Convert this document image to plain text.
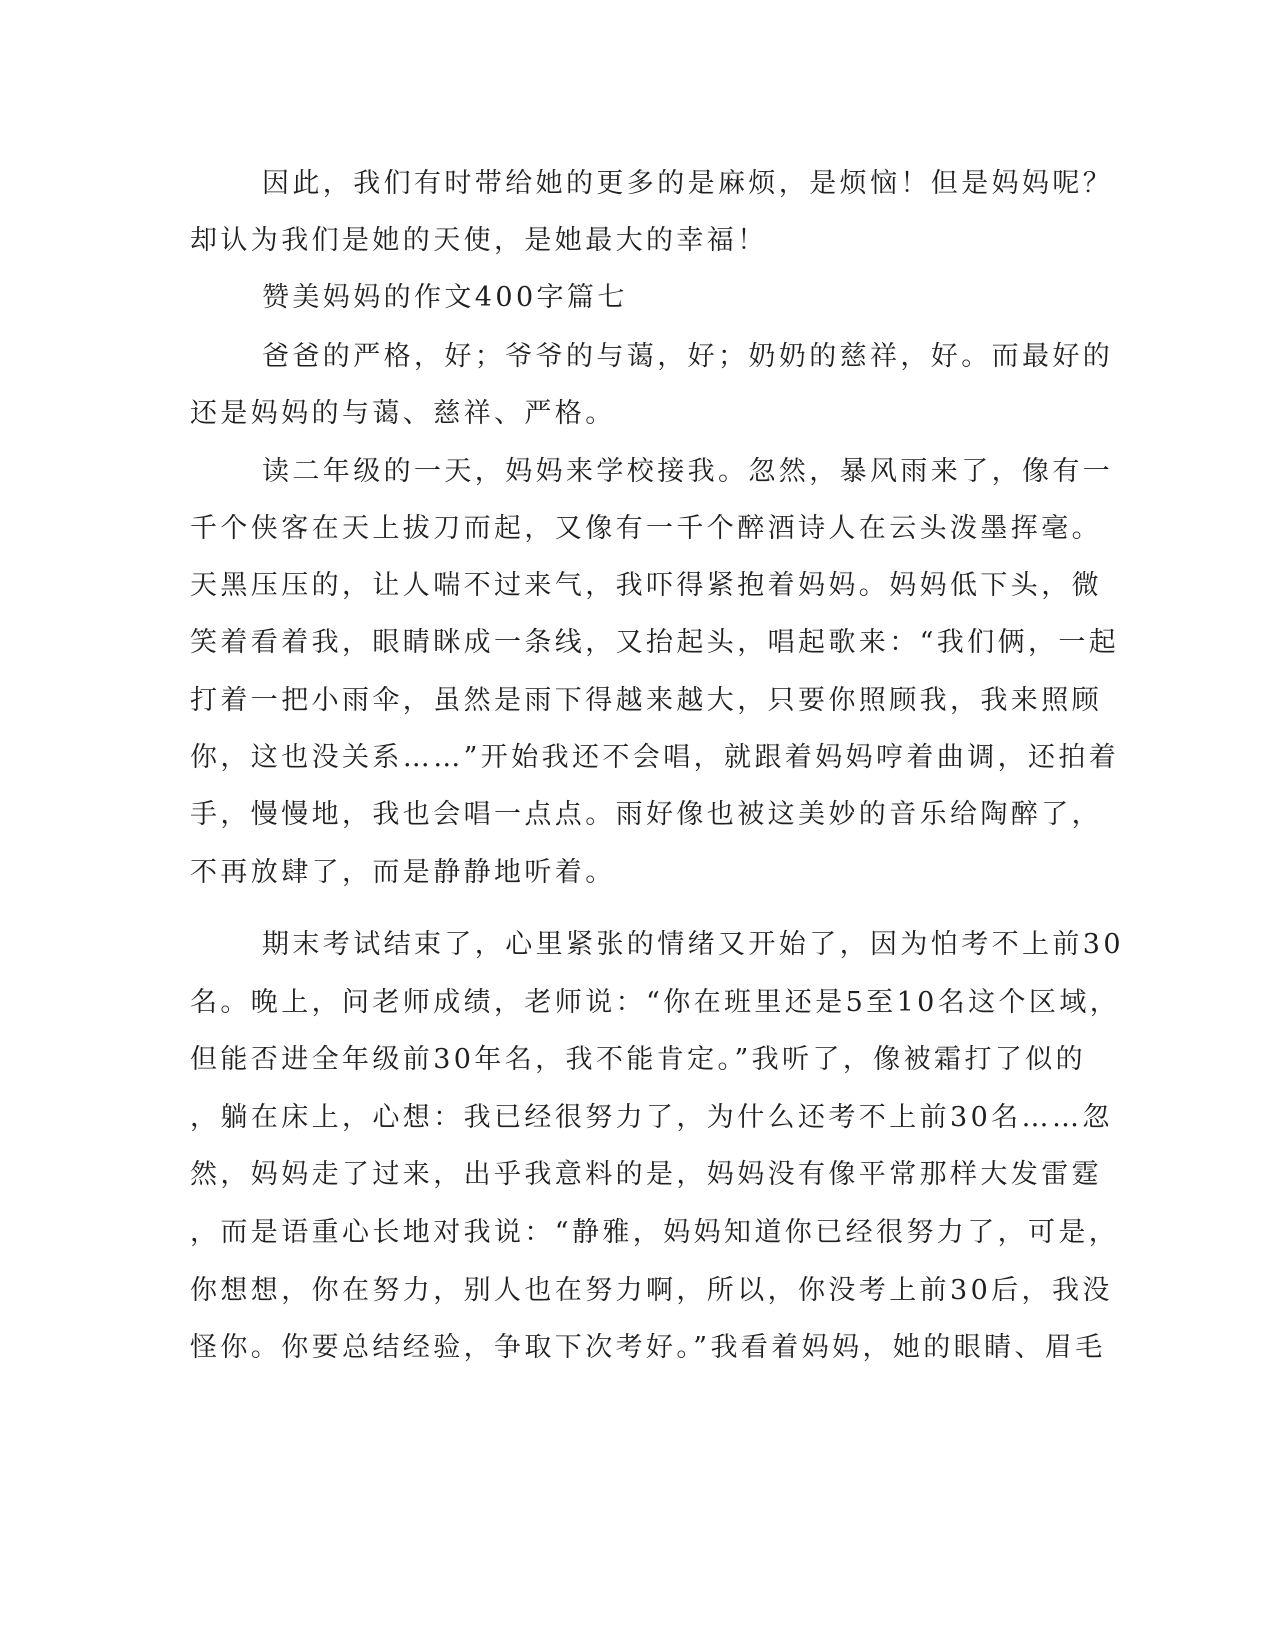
因此，我们有时带给她的更多的是麻烦，是烦恼！但是妈妈呢？
却认为我们是她的天使，是她最大的幸福！
赞美妈妈的作文400字篇七
爸爸的严格，好；爷爷的与蔼，好；奶奶的慈祥，好。而最好的
还是妈妈的与蔼、慈祥、严格。
读二年级的一天，妈妈来学校接我。忽然，暴风雨来了，像有一
千个侠客在天上拔刀而起，又像有一千个醉酒诗人在云头泼墨挥毫。
天黑压压的，让人喘不过来气，我吓得紧抱着妈妈。妈妈低下头，微
笑着看着我，眼睛眯成一条线，又抬起头，唱起歌来：“我们俩，一起
打着一把小雨伞，虽然是雨下得越来越大，只要你照顾我，我来照顾
你，这也没关系……”开始我还不会唱，就跟着妈妈哼着曲调，还拍着
手，慢慢地，我也会唱一点点。雨好像也被这美妙的音乐给陶醉了，
不再放肆了，而是静静地听着。
期末考试结束了，心里紧张的情绪又开始了，因为怕考不上前30
名。晚上，问老师成绩，老师说：“你在班里还是5至10名这个区域，
但能否进全年级前30年名，我不能肯定。”我听了，像被霜打了似的
，躺在床上，心想：我已经很努力了，为什么还考不上前30名……忽
然，妈妈走了过来，出乎我意料的是，妈妈没有像平常那样大发雷霆
，而是语重心长地对我说：“静雅，妈妈知道你已经很努力了，可是，
你想想，你在努力，别人也在努力啊，所以，你没考上前30后，我没
怪你。你要总结经验，争取下次考好。”我看着妈妈，她的眼睛、眉毛
